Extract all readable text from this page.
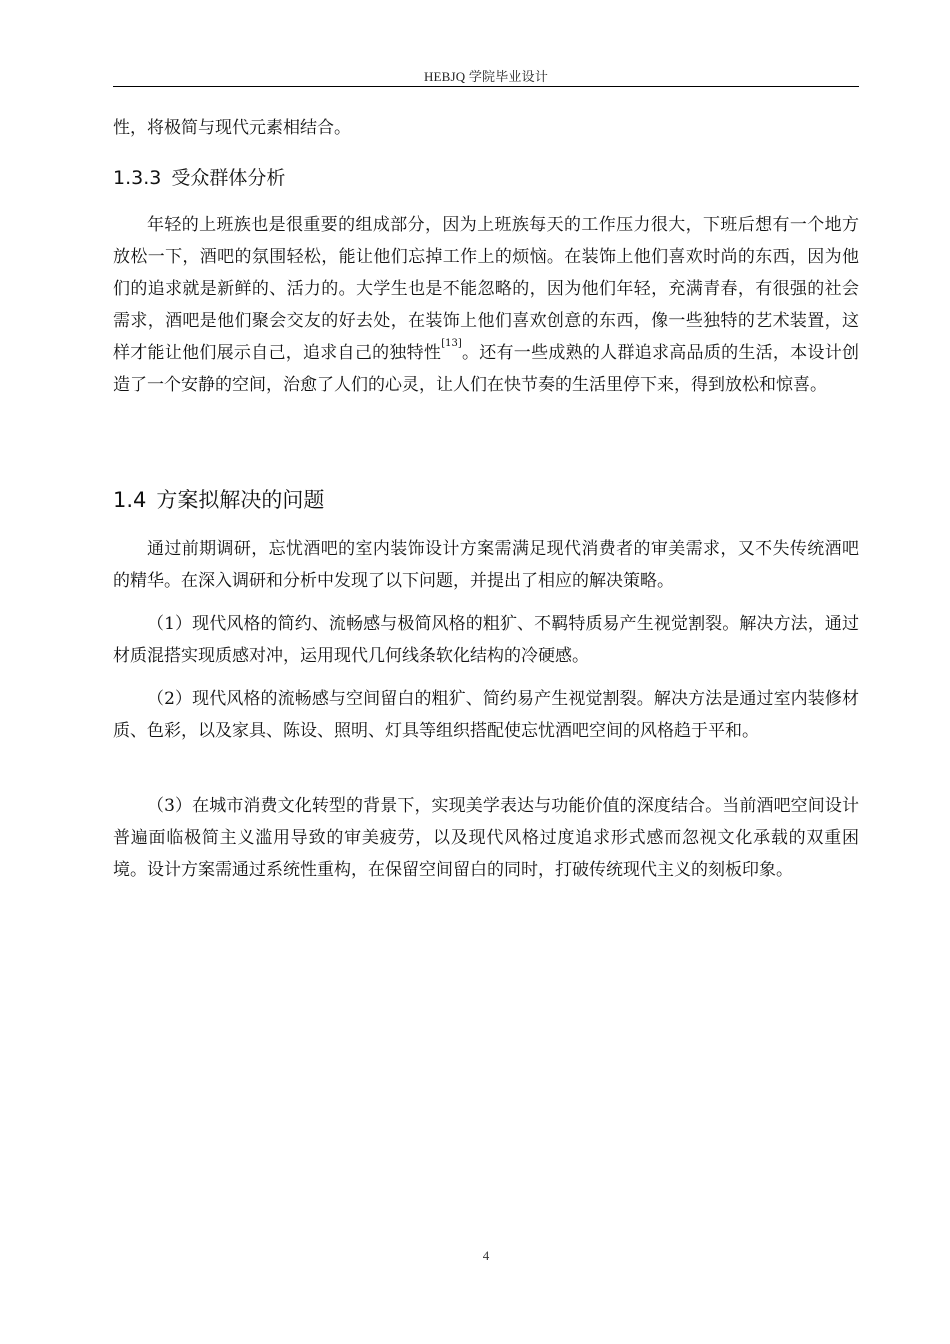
HEBJQ 学院毕业设计

性，将极简与现代元素相结合。

1.3.3 受众群体分析

年轻的上班族也是很重要的组成部分，因为上班族每天的工作压力很大，下班后想有一个地方放松一下，酒吧的氛围轻松，能让他们忘掉工作上的烦恼。在装饰上他们喜欢时尚的东西，因为他们的追求就是新鲜的、活力的。大学生也是不能忽略的，因为他们年轻，充满青春，有很强的社会需求，酒吧是他们聚会交友的好去处，在装饰上他们喜欢创意的东西，像一些独特的艺术装置，这样才能让他们展示自己，追求自己的独特性[13]。还有一些成熟的人群追求高品质的生活，本设计创造了一个安静的空间，治愈了人们的心灵，让人们在快节奏的生活里停下来，得到放松和惊喜。

1.4 方案拟解决的问题

通过前期调研，忘忧酒吧的室内装饰设计方案需满足现代消费者的审美需求，又不失传统酒吧的精华。在深入调研和分析中发现了以下问题，并提出了相应的解决策略。

（1）现代风格的简约、流畅感与极简风格的粗犷、不羁特质易产生视觉割裂。解决方法，通过材质混搭实现质感对冲，运用现代几何线条软化结构的冷硬感。

（2）现代风格的流畅感与空间留白的粗犷、简约易产生视觉割裂。解决方法是通过室内装修材质、色彩，以及家具、陈设、照明、灯具等组织搭配使忘忧酒吧空间的风格趋于平和。

（3）在城市消费文化转型的背景下，实现美学表达与功能价值的深度结合。当前酒吧空间设计普遍面临极简主义滥用导致的审美疲劳，以及现代风格过度追求形式感而忽视文化承载的双重困境。设计方案需通过系统性重构，在保留空间留白的同时，打破传统现代主义的刻板印象。

4
